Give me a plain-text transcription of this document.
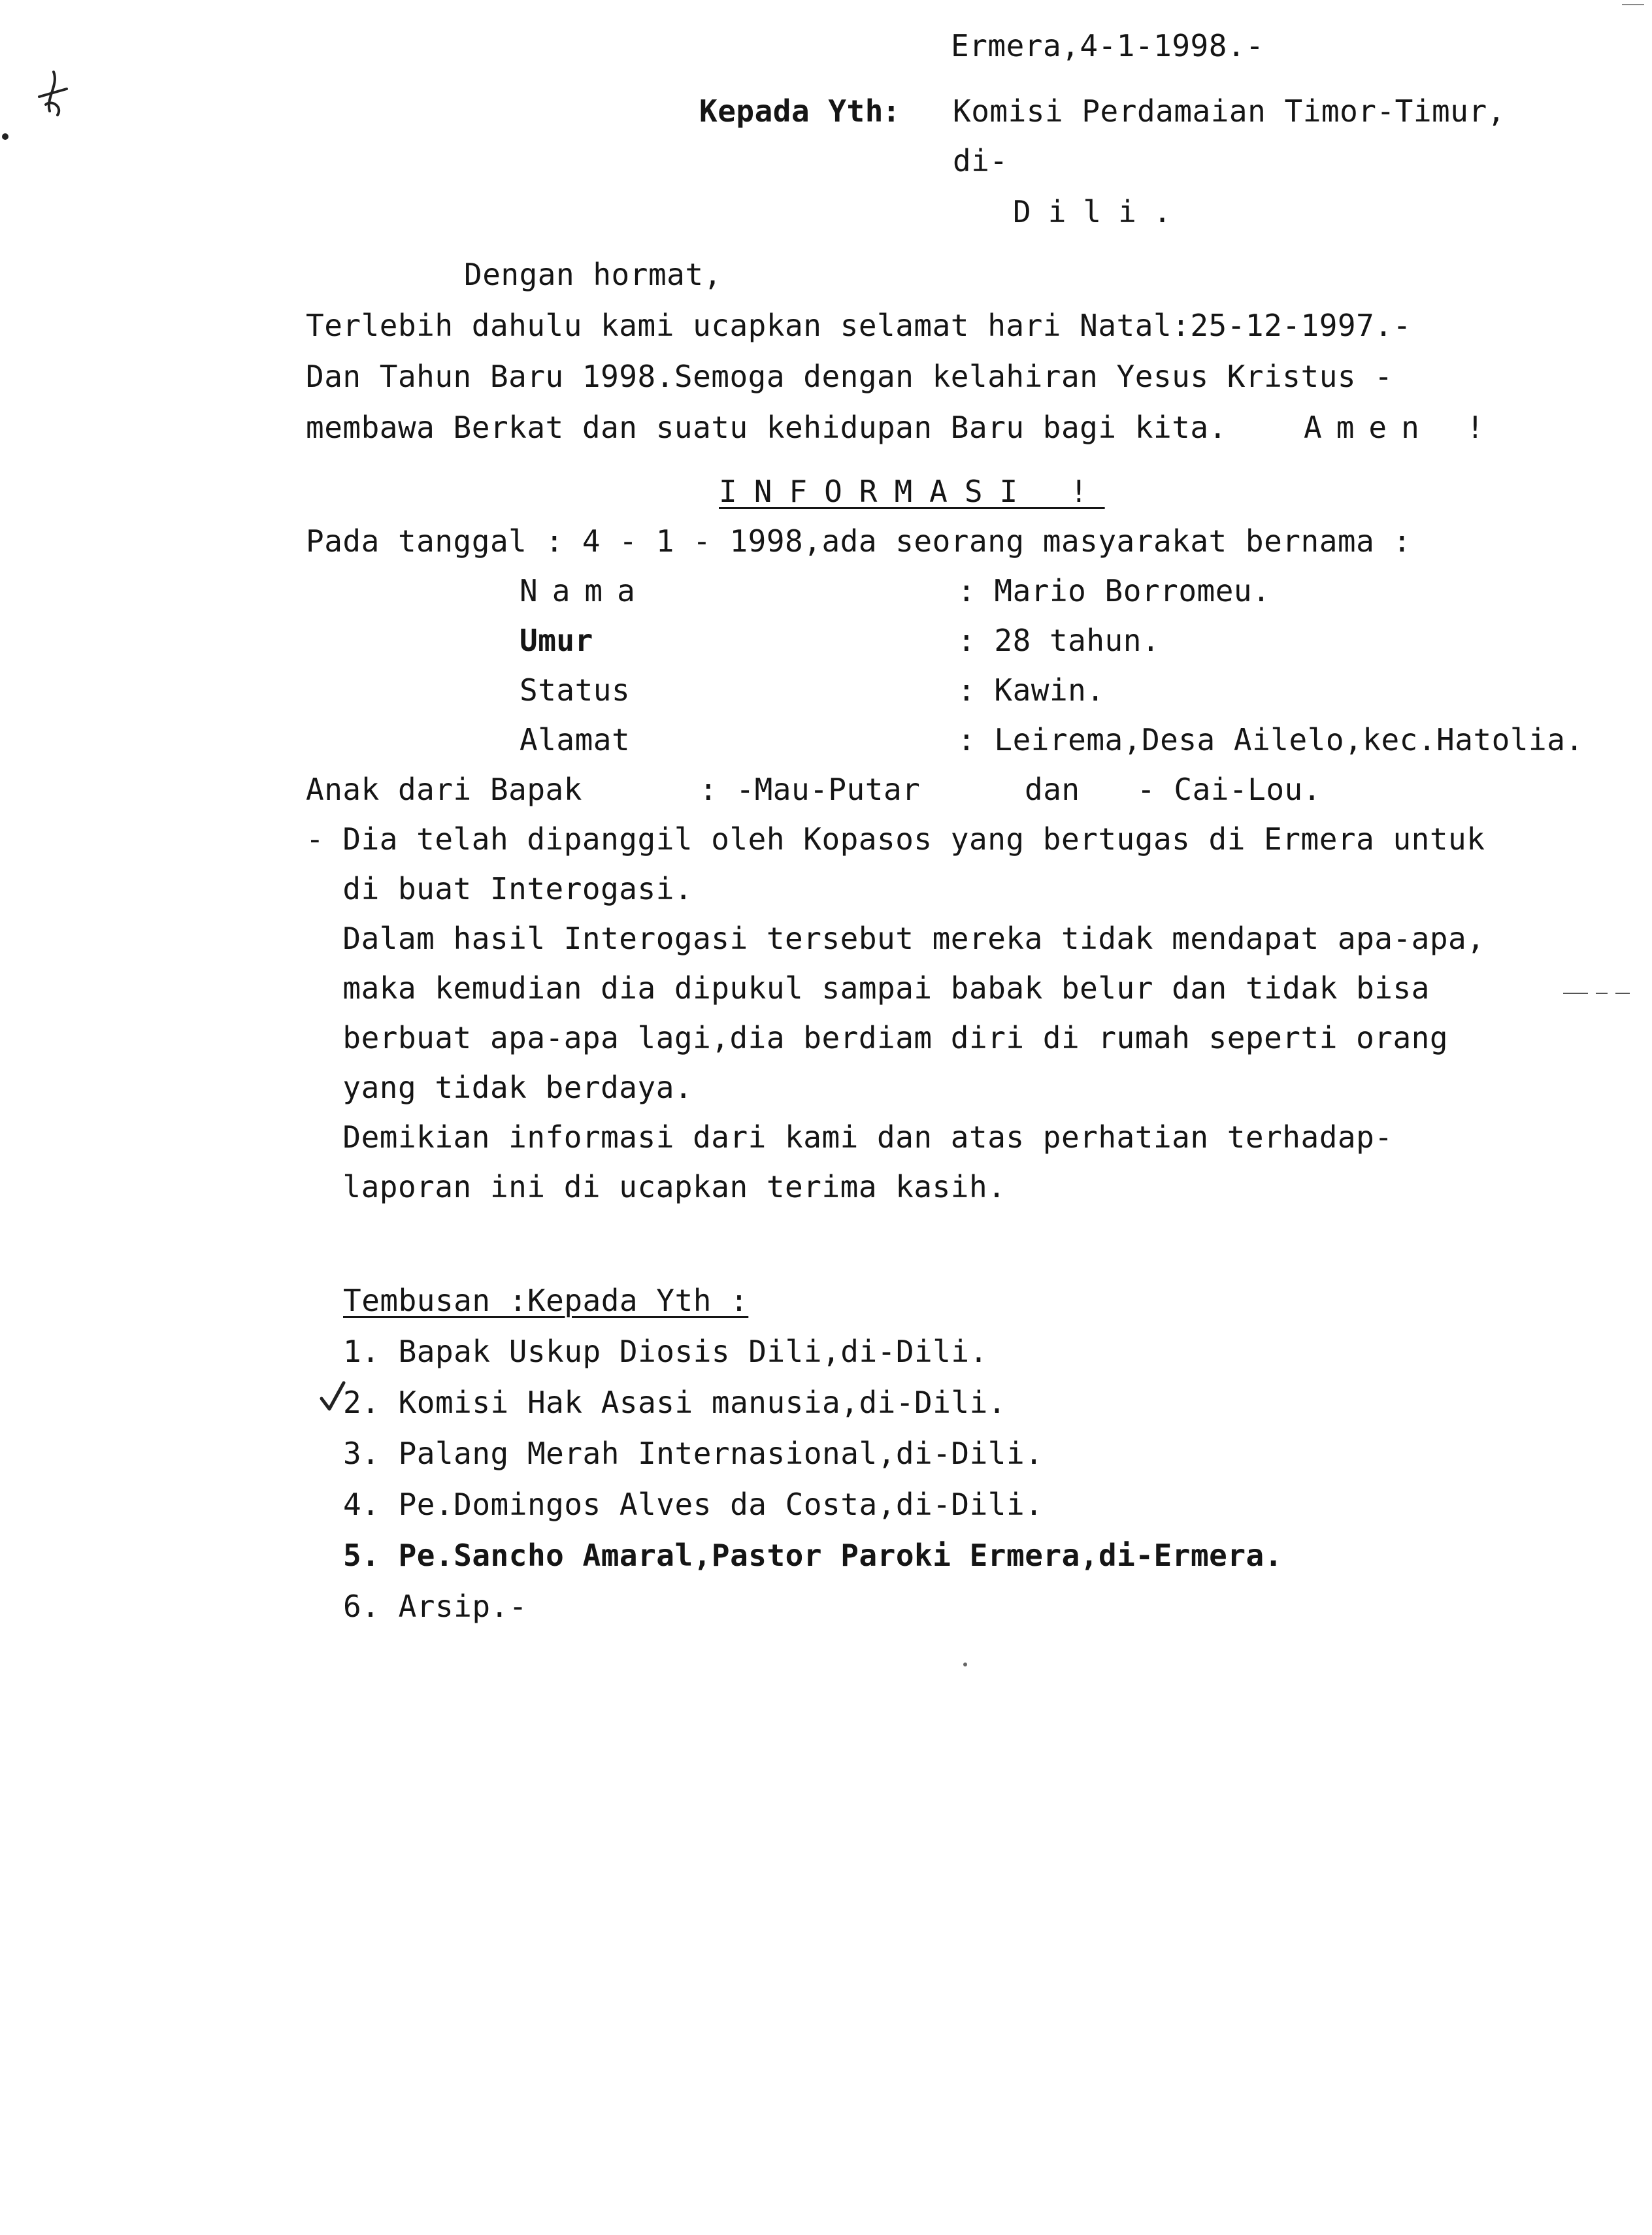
Ermera,4-1-1998.-
Kepada Yth
: Komisi Perdamaian Timor-Timur,
di-
Dili.
Dengan hormat,
Terlebih dahulu kami ucapkan selamat hari Natal:25-12-1997.-
Dan Tahun Baru 1998.Semoga dengan kelahiran Yesus Kristus -
membawa Berkat dan suatu kehidupan Baru bagi kita.	Amen !
INFORMASI !
Pada tanggal : 4 - 1 - 1998,ada seorang masyarakat bernama :
Nama	: Mario Borromeu.
Umur	: 28 tahun.
Status	: Kawin.
Alamat	: Leirema,Desa Ailelo,kec.Hatolia.
Anak dari Bapak	: -Mau-Putar	dan - Cai-Lou.
- Dia telah dipanggil oleh Kopasos yang bertugas di Ermera untuk
di buat Interogasi.
Dalam hasil Interogasi tersebut mereka tidak mendapat apa-apa,
maka kemudian dia dipukul sampai babak belur dan tidak bisa
berbuat apa-apa lagi,dia berdiam diri di rumah seperti orang
yang tidak berdaya.
Demikian informasi dari kami dan atas perhatian terhadap-
laporan ini di ucapkan terima kasih.
Tembusan :Kepada Yth :
1. Bapak Uskup Diosis Dili,di-Dili.
2. Komisi Hak Asasi manusia,di-Dili.
3. Palang Merah Internasional,di-Dili.
4. Pe.Domingos Alves da Costa,di-Dili.
5. Pe.Sancho Amaral,Pastor Paroki Ermera,di-Ermera.
6. Arsip.-
